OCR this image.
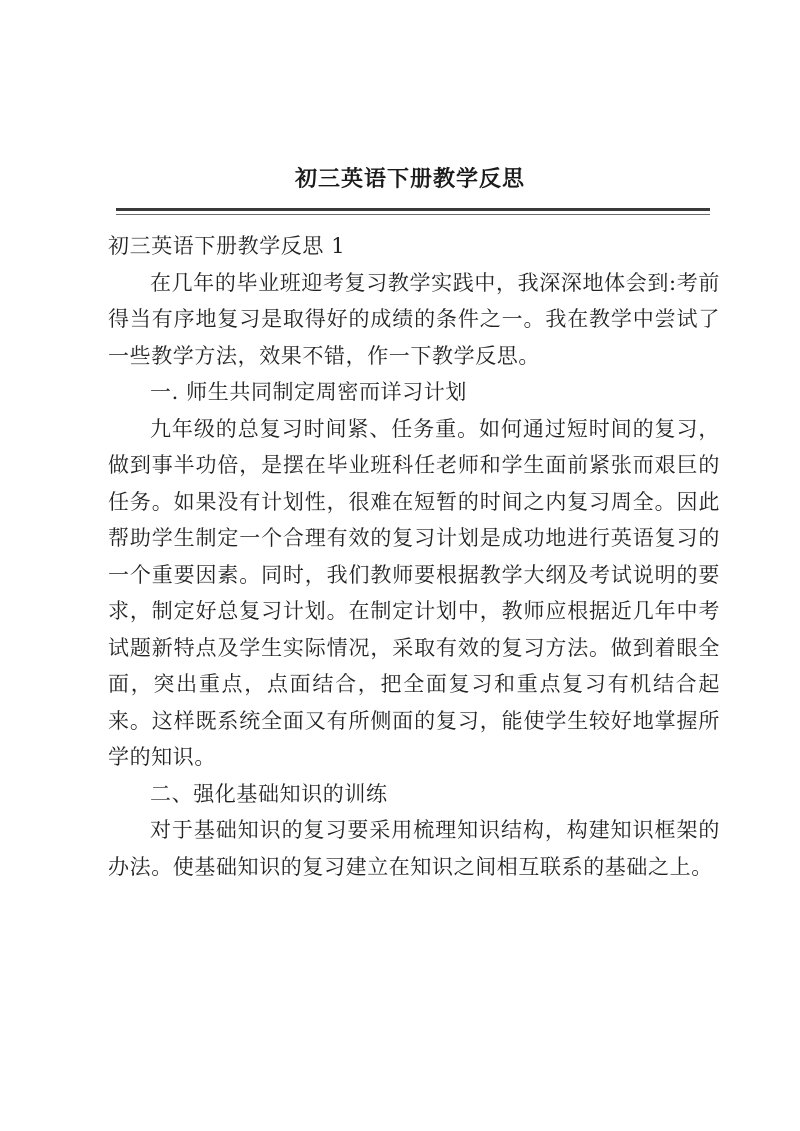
初三英语下册教学反思

初三英语下册教学反思 1

在几年的毕业班迎考复习教学实践中，我深深地体会到:考前得当有序地复习是取得好的成绩的条件之一。我在教学中尝试了一些教学方法，效果不错，作一下教学反思。

一. 师生共同制定周密而详习计划

九年级的总复习时间紧、任务重。如何通过短时间的复习，做到事半功倍，是摆在毕业班科任老师和学生面前紧张而艰巨的任务。如果没有计划性，很难在短暂的时间之内复习周全。因此帮助学生制定一个合理有效的复习计划是成功地进行英语复习的一个重要因素。同时，我们教师要根据教学大纲及考试说明的要求，制定好总复习计划。在制定计划中，教师应根据近几年中考试题新特点及学生实际情况，采取有效的复习方法。做到着眼全面，突出重点，点面结合，把全面复习和重点复习有机结合起来。这样既系统全面又有所侧面的复习，能使学生较好地掌握所学的知识。

二、强化基础知识的训练

对于基础知识的复习要采用梳理知识结构，构建知识框架的办法。使基础知识的复习建立在知识之间相互联系的基础之上。
